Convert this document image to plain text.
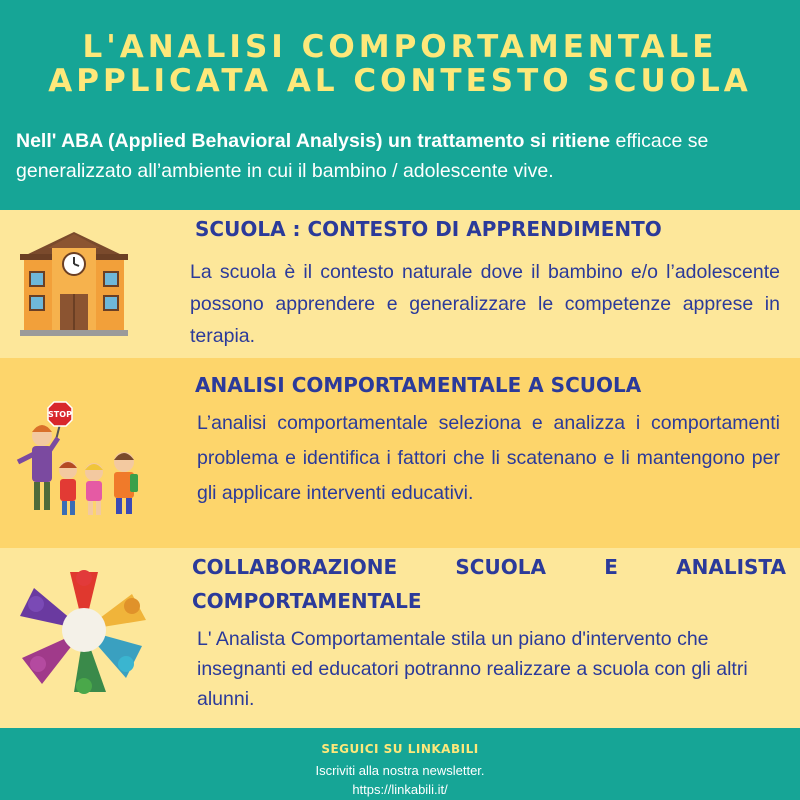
L'ANALISI COMPORTAMENTALE
APPLICATA AL CONTESTO SCUOLA
Nell' ABA (Applied Behavioral Analysis) un trattamento si ritiene efficace se generalizzato all’ambiente in cui il bambino / adolescente vive.
SCUOLA : CONTESTO DI APPRENDIMENTO
La scuola è il contesto naturale dove il bambino e/o l’adolescente possono apprendere e generalizzare le competenze apprese in terapia.
STOP
ANALISI COMPORTAMENTALE A SCUOLA
L’analisi comportamentale seleziona e analizza i comportamenti problema e identifica i fattori che li scatenano e li mantengono per gli applicare interventi educativi.
COLLABORAZIONE SCUOLA E ANALISTA
COMPORTAMENTALE
L' Analista Comportamentale stila un piano d'intervento che insegnanti ed educatori potranno realizzare a scuola con gli altri alunni.
SEGUICI SU LINKABILI
Iscriviti alla nostra newsletter.
https://linkabili.it/
